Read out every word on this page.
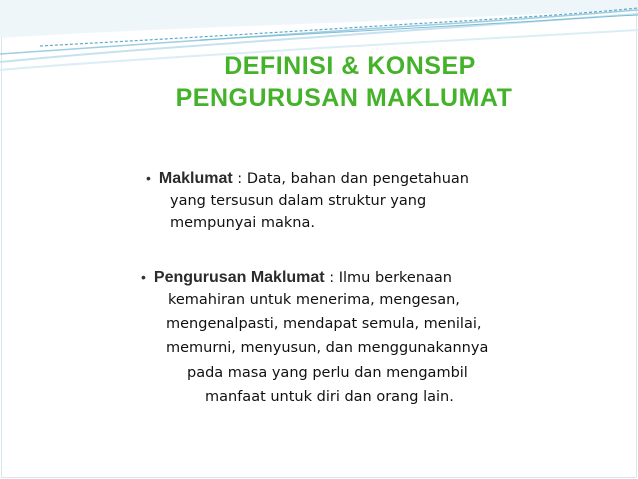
DEFINISI & KONSEP
PENGURUSAN MAKLUMAT
• Maklumat : Data, bahan dan pengetahuan
yang tersusun dalam struktur yang
mempunyai makna.
• Pengurusan Maklumat : Ilmu berkenaan
kemahiran untuk menerima, mengesan,
mengenalpasti, mendapat semula, menilai,
memurni, menyusun, dan menggunakannya
pada masa yang perlu dan mengambil
manfaat untuk diri dan orang lain.
